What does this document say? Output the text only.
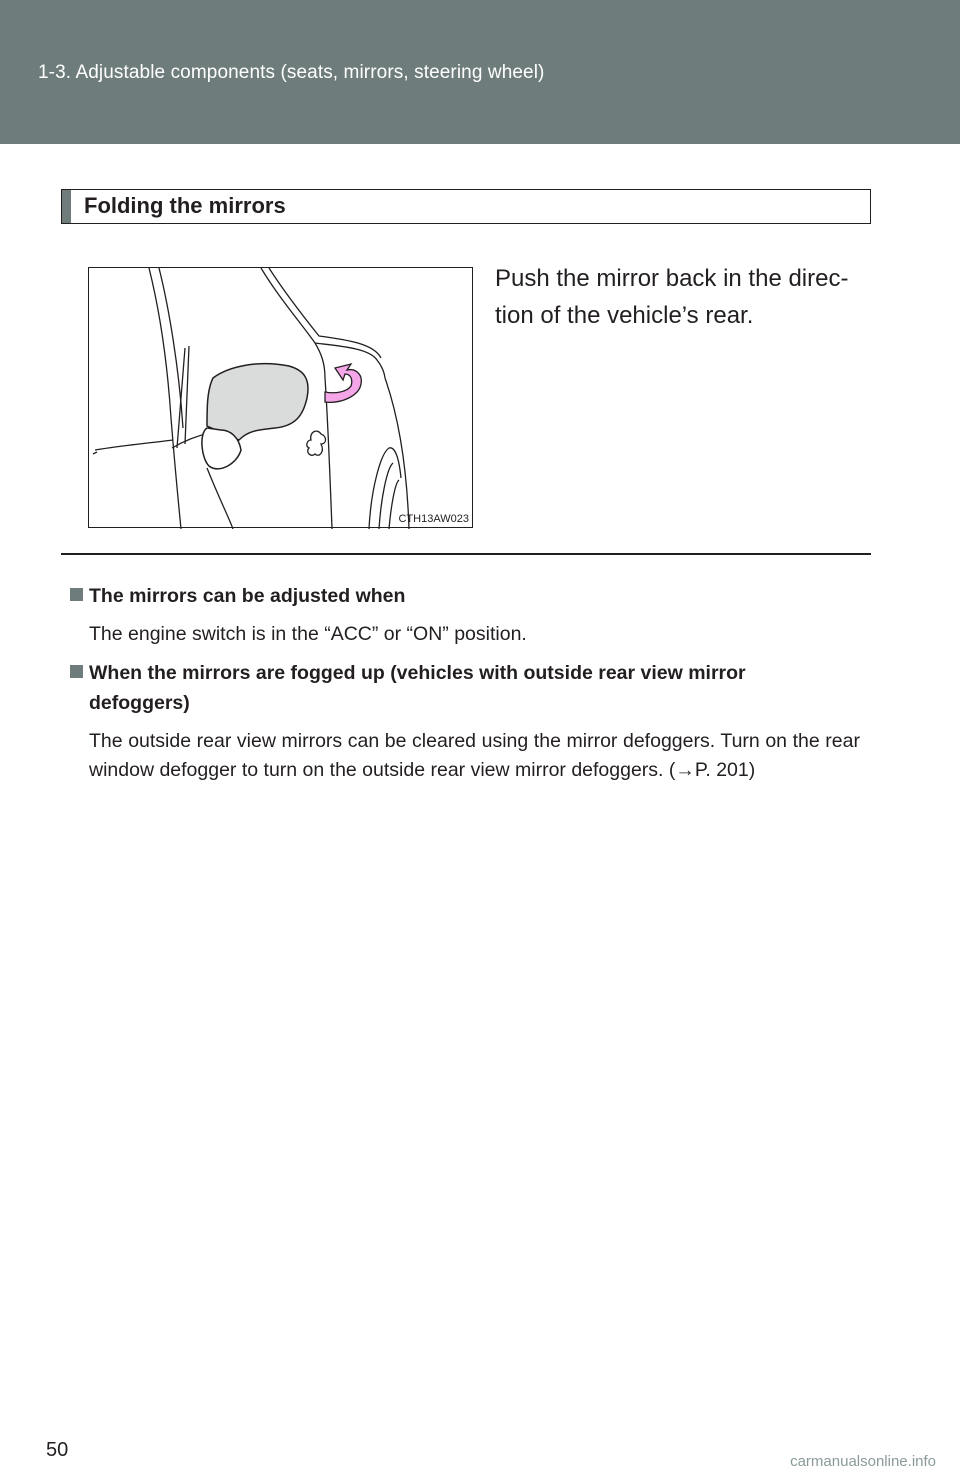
1-3. Adjustable components (seats, mirrors, steering wheel)
Folding the mirrors
CTH13AW023
Push the mirror back in the direc-
tion of the vehicle’s rear.
The mirrors can be adjusted when
The engine switch is in the “ACC” or “ON” position.
When the mirrors are fogged up (vehicles with outside rear view mirror
defoggers)
The outside rear view mirrors can be cleared using the mirror defoggers. Turn on the rear window defogger to turn on the outside rear view mirror defoggers. (→P. 201)
50
carmanualsonline.info
